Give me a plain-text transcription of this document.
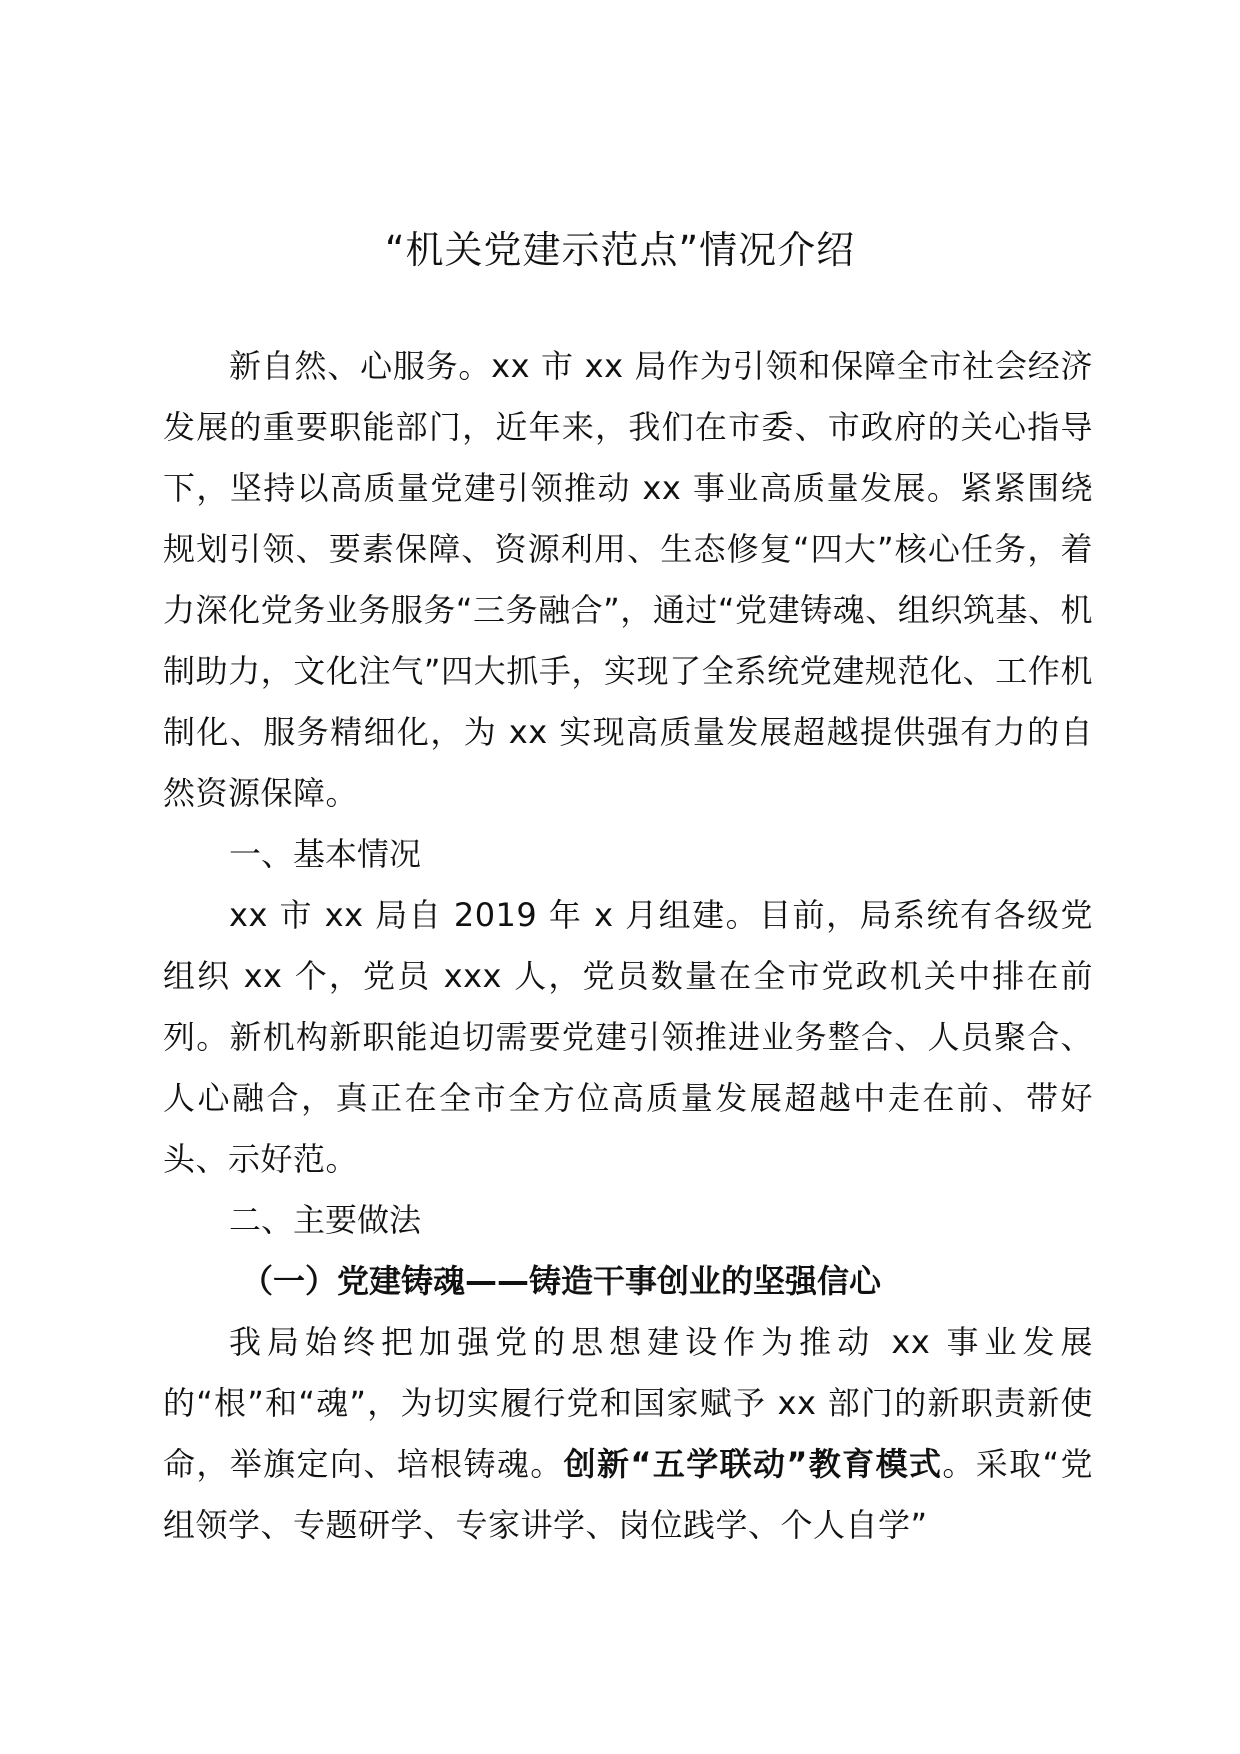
“机关党建示范点”情况介绍

新自然、心服务。xx 市 xx 局作为引领和保障全市社会经济发展的重要职能部门，近年来，我们在市委、市政府的关心指导下，坚持以高质量党建引领推动 xx 事业高质量发展。紧紧围绕规划引领、要素保障、资源利用、生态修复“四大”核心任务，着力深化党务业务服务“三务融合”，通过“党建铸魂、组织筑基、机制助力，文化注气”四大抓手，实现了全系统党建规范化、工作机制化、服务精细化，为 xx 实现高质量发展超越提供强有力的自然资源保障。

一、基本情况

xx 市 xx 局自 2019 年 x 月组建。目前，局系统有各级党组织 xx 个，党员 xxx 人，党员数量在全市党政机关中排在前列。新机构新职能迫切需要党建引领推进业务整合、人员聚合、人心融合，真正在全市全方位高质量发展超越中走在前、带好头、示好范。

二、主要做法

（一）党建铸魂——铸造干事创业的坚强信心

我局始终把加强党的思想建设作为推动 xx 事业发展的“根”和“魂”，为切实履行党和国家赋予 xx 部门的新职责新使命，举旗定向、培根铸魂。创新“五学联动”教育模式。采取“党组领学、专题研学、专家讲学、岗位践学、个人自学”
